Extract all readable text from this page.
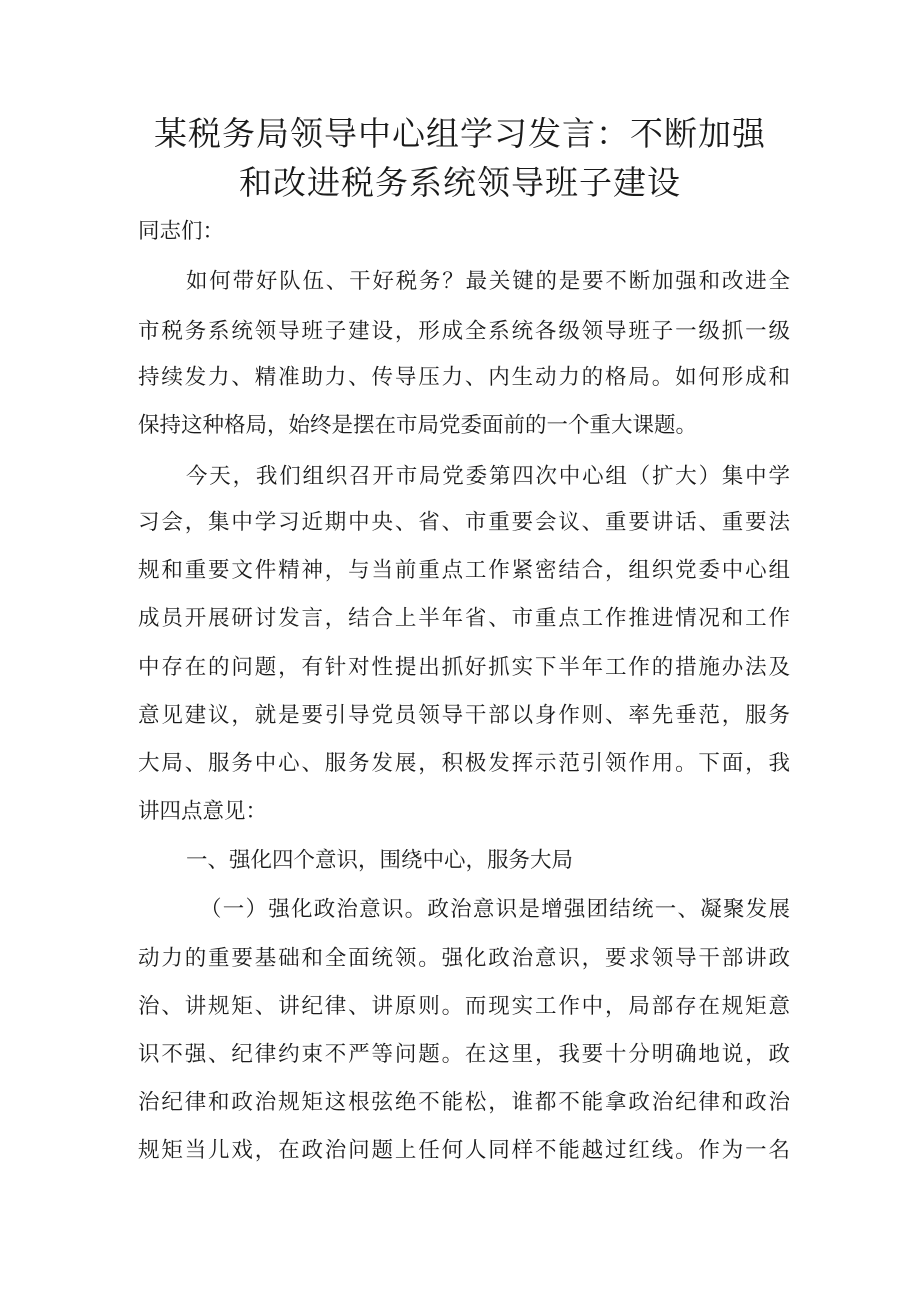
某税务局领导中心组学习发言：不断加强
和改进税务系统领导班子建设

同志们：

如何带好队伍、干好税务？最关键的是要不断加强和改进全

市税务系统领导班子建设，形成全系统各级领导班子一级抓一级

持续发力、精准助力、传导压力、内生动力的格局。如何形成和

保持这种格局，始终是摆在市局党委面前的一个重大课题。

今天，我们组织召开市局党委第四次中心组（扩大）集中学

习会，集中学习近期中央、省、市重要会议、重要讲话、重要法

规和重要文件精神，与当前重点工作紧密结合，组织党委中心组

成员开展研讨发言，结合上半年省、市重点工作推进情况和工作

中存在的问题，有针对性提出抓好抓实下半年工作的措施办法及

意见建议，就是要引导党员领导干部以身作则、率先垂范，服务

大局、服务中心、服务发展，积极发挥示范引领作用。下面，我

讲四点意见：

一、强化四个意识，围绕中心，服务大局

（一）强化政治意识。政治意识是增强团结统一、凝聚发展

动力的重要基础和全面统领。强化政治意识，要求领导干部讲政

治、讲规矩、讲纪律、讲原则。而现实工作中，局部存在规矩意

识不强、纪律约束不严等问题。在这里，我要十分明确地说，政

治纪律和政治规矩这根弦绝不能松，谁都不能拿政治纪律和政治

规矩当儿戏，在政治问题上任何人同样不能越过红线。作为一名
